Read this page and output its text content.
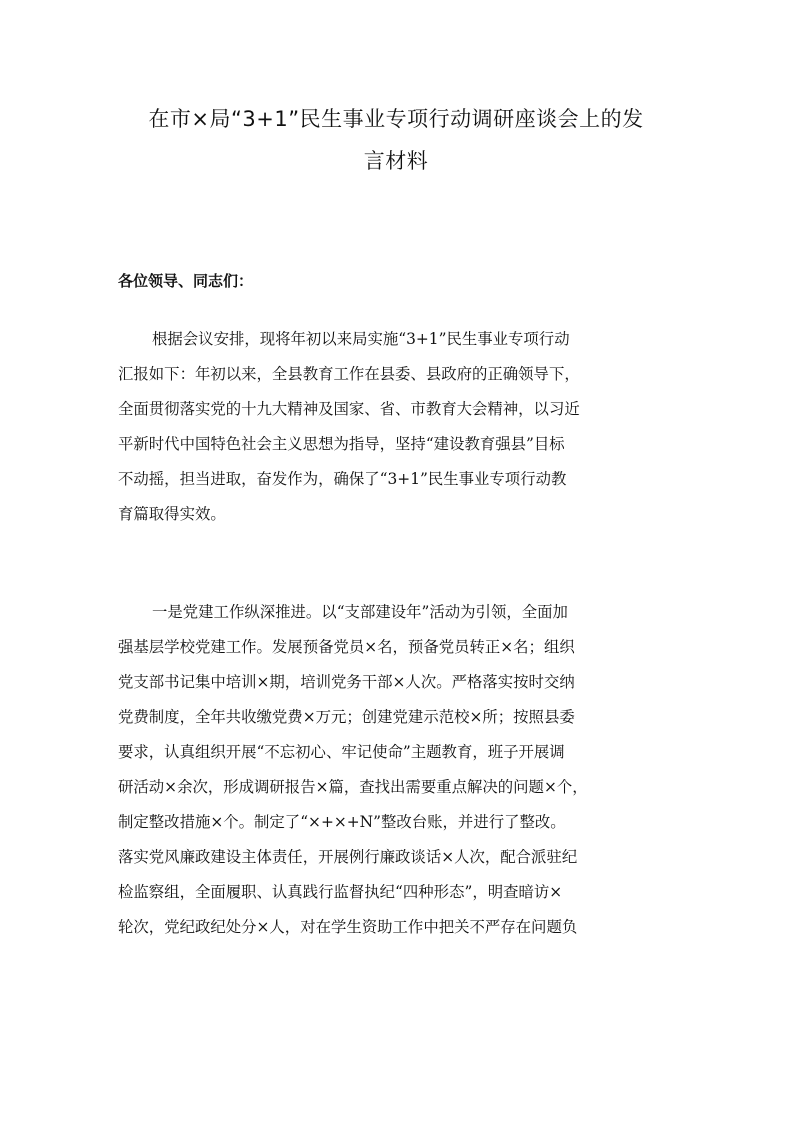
在市×局“3+1”民生事业专项行动调研座谈会上的发
言材料

各位领导、同志们：

根据会议安排，现将年初以来局实施“3+1”民生事业专项行动
汇报如下：年初以来，全县教育工作在县委、县政府的正确领导下，
全面贯彻落实党的十九大精神及国家、省、市教育大会精神，以习近
平新时代中国特色社会主义思想为指导，坚持“建设教育强县”目标
不动摇，担当进取，奋发作为，确保了“3+1”民生事业专项行动教
育篇取得实效。
一是党建工作纵深推进。以“支部建设年”活动为引领，全面加
强基层学校党建工作。发展预备党员×名，预备党员转正×名；组织
党支部书记集中培训×期，培训党务干部×人次。严格落实按时交纳
党费制度，全年共收缴党费×万元；创建党建示范校×所；按照县委
要求，认真组织开展“不忘初心、牢记使命”主题教育，班子开展调
研活动×余次，形成调研报告×篇，查找出需要重点解决的问题×个，
制定整改措施×个。制定了“×+×+N”整改台账，并进行了整改。
落实党风廉政建设主体责任，开展例行廉政谈话×人次，配合派驻纪
检监察组，全面履职、认真践行监督执纪“四种形态”，明查暗访×
轮次，党纪政纪处分×人，对在学生资助工作中把关不严存在问题负
